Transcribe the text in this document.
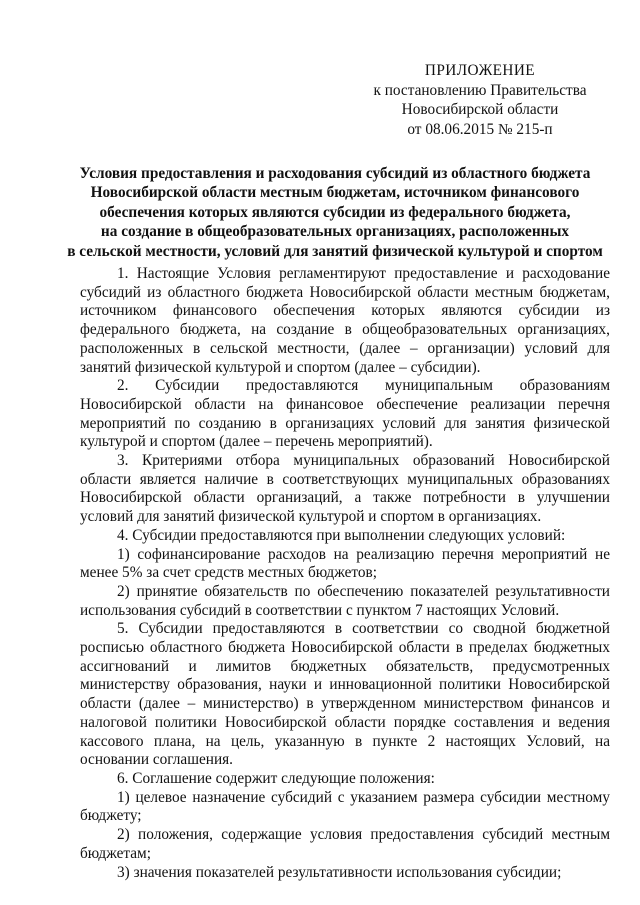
ПРИЛОЖЕНИЕ
к постановлению Правительства
Новосибирской области
от 08.06.2015 № 215-п
Условия предоставления и расходования субсидий из областного бюджета
Новосибирской области местным бюджетам, источником финансового
обеспечения которых являются субсидии из федерального бюджета,
на создание в общеобразовательных организациях, расположенных
в сельской местности, условий для занятий физической культурой и спортом

1. Настоящие Условия регламентируют предоставление и расходование субсидий из областного бюджета Новосибирской области местным бюджетам, источником финансового обеспечения которых являются субсидии из федерального бюджета, на создание в общеобразовательных организациях, расположенных в сельской местности, (далее – организации) условий для занятий физической культурой и спортом (далее – субсидии).

2. Субсидии предоставляются муниципальным образованиям Новосибирской области на финансовое обеспечение реализации перечня мероприятий по созданию в организациях условий для занятия физической культурой и спортом (далее – перечень мероприятий).

3. Критериями отбора муниципальных образований Новосибирской области является наличие в соответствующих муниципальных образованиях Новосибирской области организаций, а также потребности в улучшении условий для занятий физической культурой и спортом в организациях.

4. Субсидии предоставляются при выполнении следующих условий:

1) софинансирование расходов на реализацию перечня мероприятий не менее 5% за счет средств местных бюджетов;

2) принятие обязательств по обеспечению показателей результативности использования субсидий в соответствии с пунктом 7 настоящих Условий.

5. Субсидии предоставляются в соответствии со сводной бюджетной росписью областного бюджета Новосибирской области в пределах бюджетных ассигнований и лимитов бюджетных обязательств, предусмотренных министерству образования, науки и инновационной политики Новосибирской области (далее – министерство) в утвержденном министерством финансов и налоговой политики Новосибирской области порядке составления и ведения кассового плана, на цель, указанную в пункте 2 настоящих Условий, на основании соглашения.

6. Соглашение содержит следующие положения:

1) целевое назначение субсидий с указанием размера субсидии местному бюджету;

2) положения, содержащие условия предоставления субсидий местным бюджетам;

3) значения показателей результативности использования субсидии;
